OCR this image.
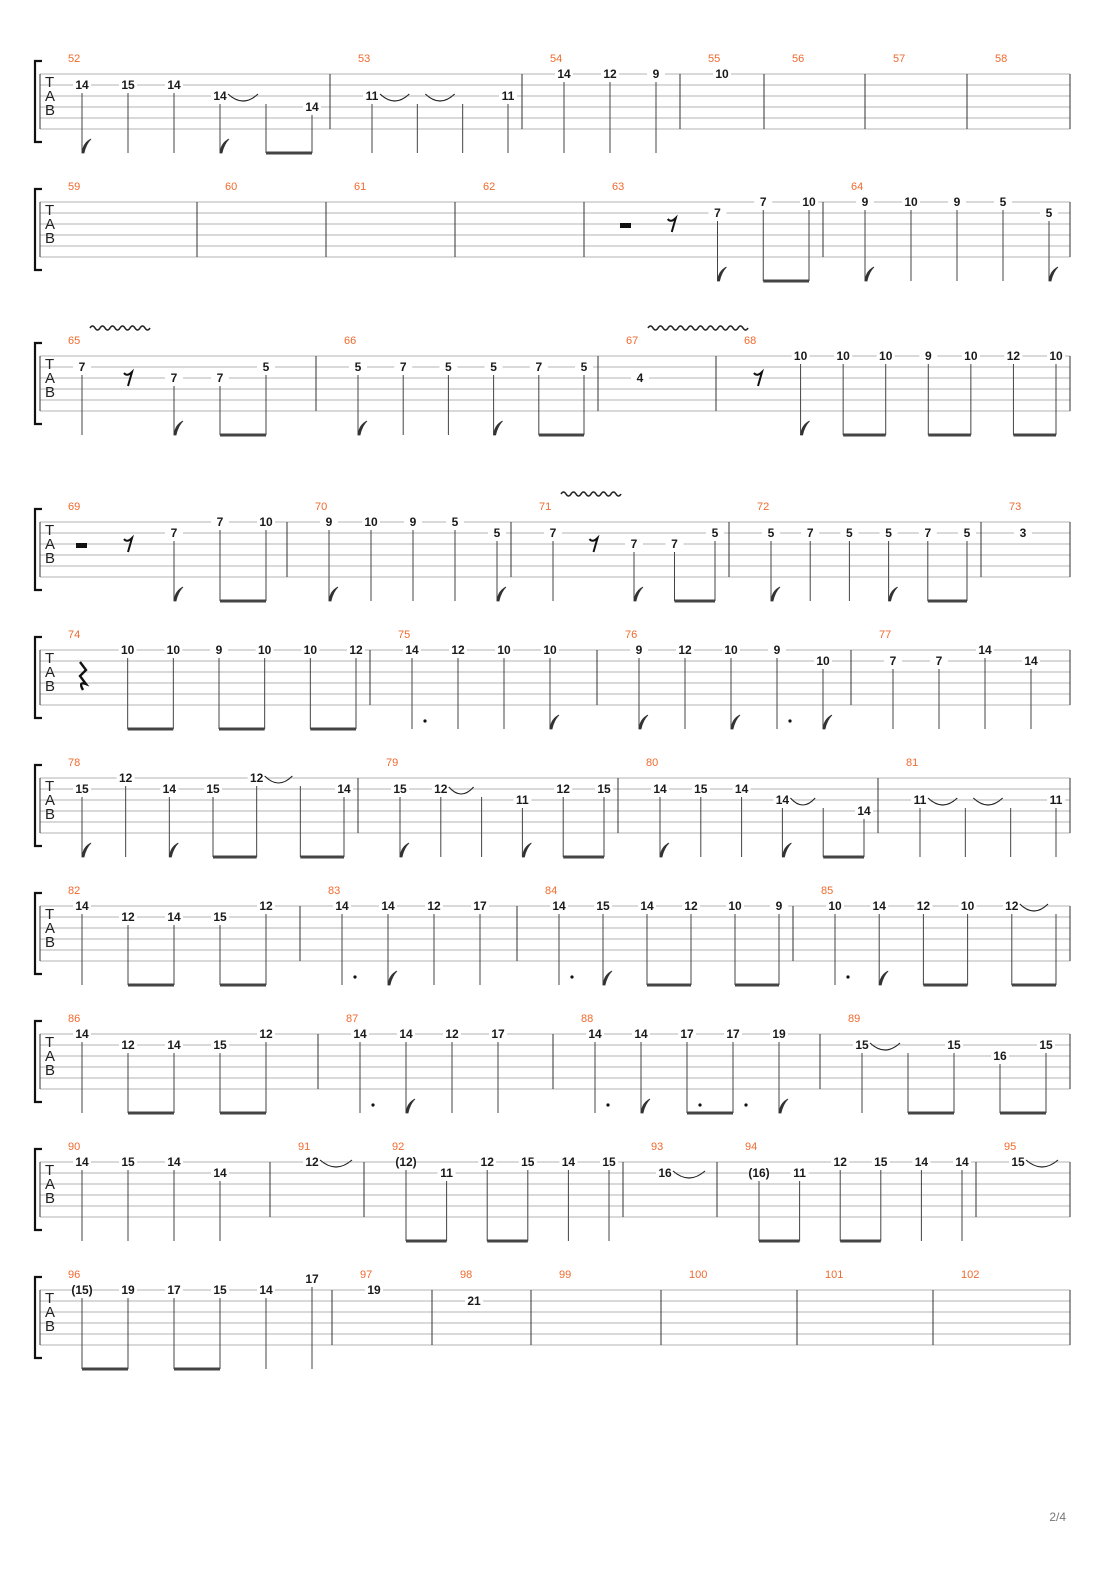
T
A
B
52
14	15	14
14
14
53
11	11
54
14	12	9
55
10
56	57	58
T
A
B
59	60	61	62	63
7
7	10
64
9	10	9	5
5
T
A
B
65
7
7	7
5
66
5	7	5	5	7	5
67
4
68
10 10 10	9	10 12 10
T
A
B
69
7
7	10
70
9	10	9	5
5
71
7
7	7
5
72
5	7	5	5	7	5
73
3
T
A
B
74
10	10	9	10	10	12
75
14	12	10	10
76
9	12	10	9
10
77
7	7
14
14
T
A
B
78
15
12
14	15
12
14
79
15 12
11
12 15
80
14 15 14
14
14
81
11	11
T
A
B
82
14
12	14	15
12
83
14	14	12	17
84
14	15	14	12	10	9
85
10	14	12	10	12
T
A
B
86
14
12	14	15
12
87
14	14	12	17
88
14	14	17	17	19
89
15	15
16
15
T
A
B
90
14	15	14
14
91
12
92
(12)
11
12 15 14 15
93
16
94
(16) 11
12 15 14 14
95
15
T
A
B
96
(15) 19	17	15	14
17	97
19
98
21
99	100	101	102
2/4
